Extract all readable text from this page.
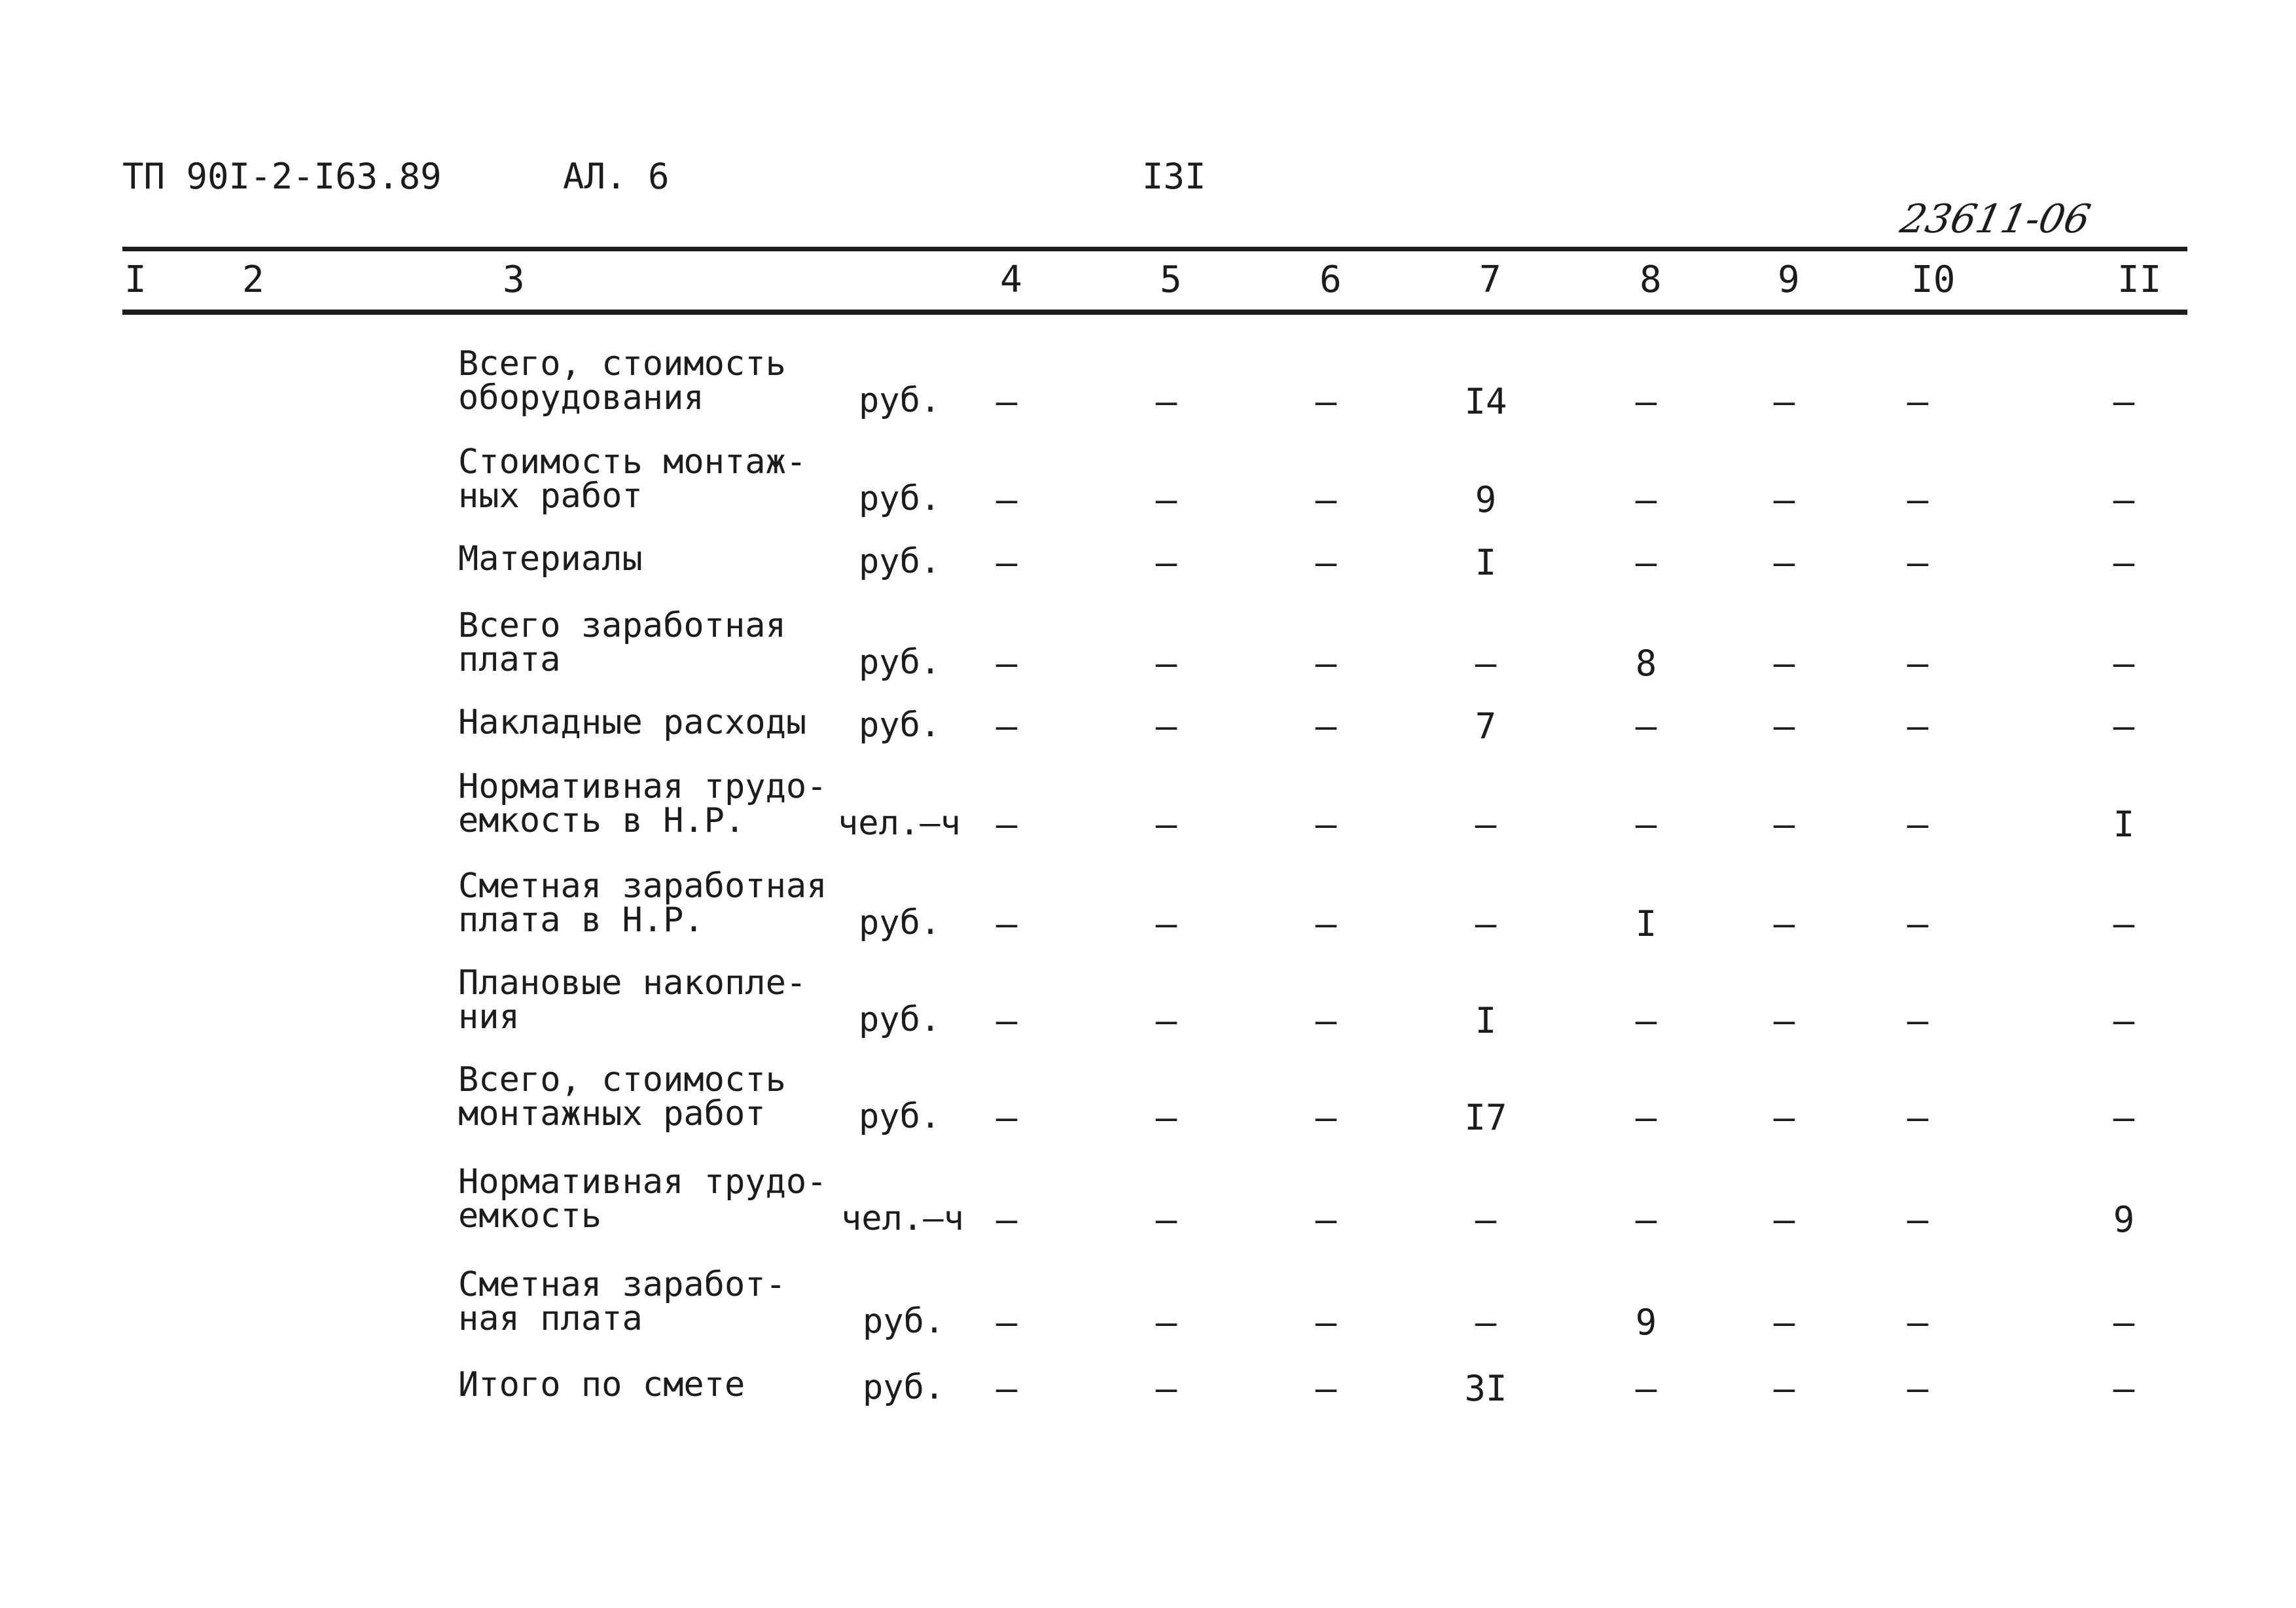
ТП 90I-2-I63.89	АЛ. 6	I3I
23611-06
I	2	3	4	5	6	7	8	9	I0	II
Всего, стоимость
оборудования	руб.	–	–	–	I4	–	–	–	–
Стоимость монтаж-
ных работ	руб.	–	–	–	9	–	–	–	–
Материалы	руб.	–	–	–	I	–	–	–	–
Всего заработная
плата	руб.	–	–	–	–	8	–	–	–
Накладные расходы руб.	–	–	–	7	–	–	–	–
Нормативная трудо-
емкость в Н.Р.	чел.–ч –	–	–	–	–	–	–	I
Сметная заработная
плата в Н.Р.	руб.	–	–	–	–	I	–	–	–
Плановые накопле-
ния	руб.	–	–	–	I	–	–	–	–
Всего, стоимость
монтажных работ	руб.	–	–	–	I7	–	–	–	–
Нормативная трудо-
емкость	чел.–ч –	–	–	–	–	–	–	9
Сметная заработ-
ная плата	руб.	–	–	–	–	9	–	–	–
Итого по смете	руб.	–	–	–	3I	–	–	–	–
